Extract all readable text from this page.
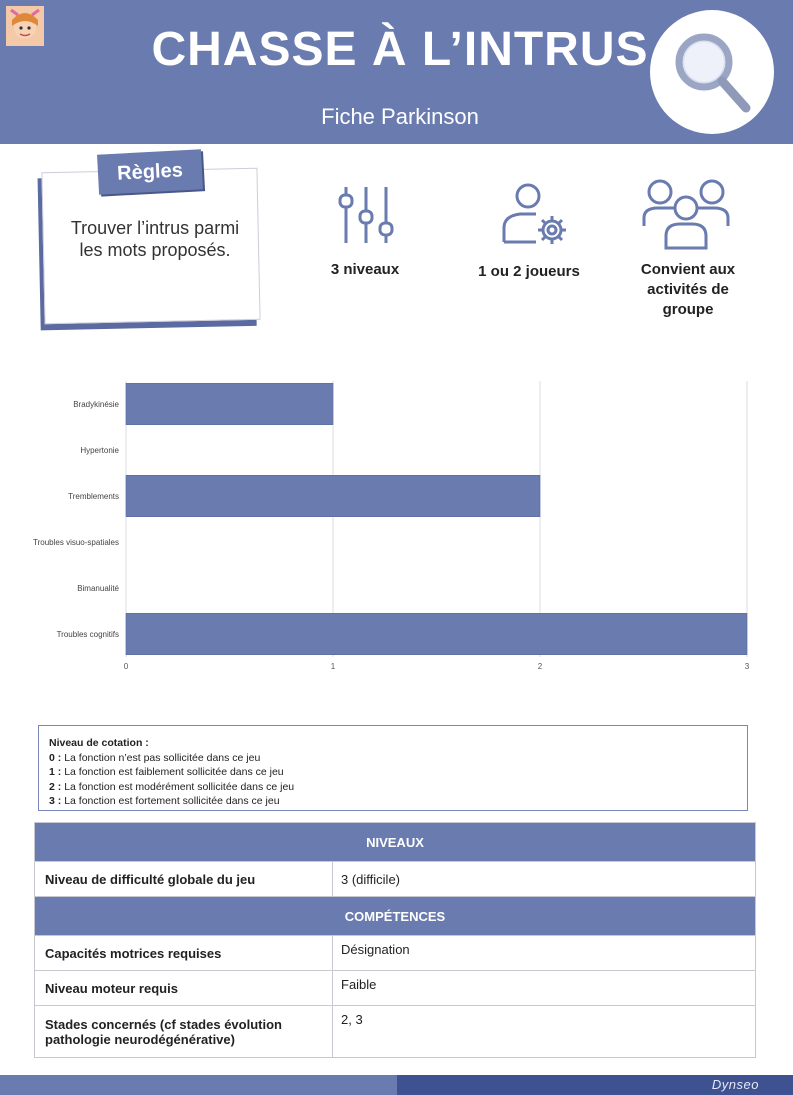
CHASSE À L’INTRUS
Fiche Parkinson
Règles
Trouver l’intrus parmi les mots proposés.
3 niveaux	1 ou 2 joueurs	Convient aux activités de groupe
0	1	2	3
Bradykinésie
Hypertonie
Tremblements
Troubles visuo-spatiales
Bimanualité
Troubles cognitifs
Niveau de cotation :
0 : La fonction n’est pas sollicitée dans ce jeu
1 : La fonction est faiblement sollicitée dans ce jeu
2 : La fonction est modérément sollicitée dans ce jeu
3 : La fonction est fortement sollicitée dans ce jeu
NIVEAUX	
Niveau de difficulté globale du jeu	3 (difficile)
COMPÉTENCES	
Capacités motrices requises	Désignation
Niveau moteur requis	Faible
Stades concernés (cf stades évolution pathologie neurodégénérative)	2, 3
Dynseo
